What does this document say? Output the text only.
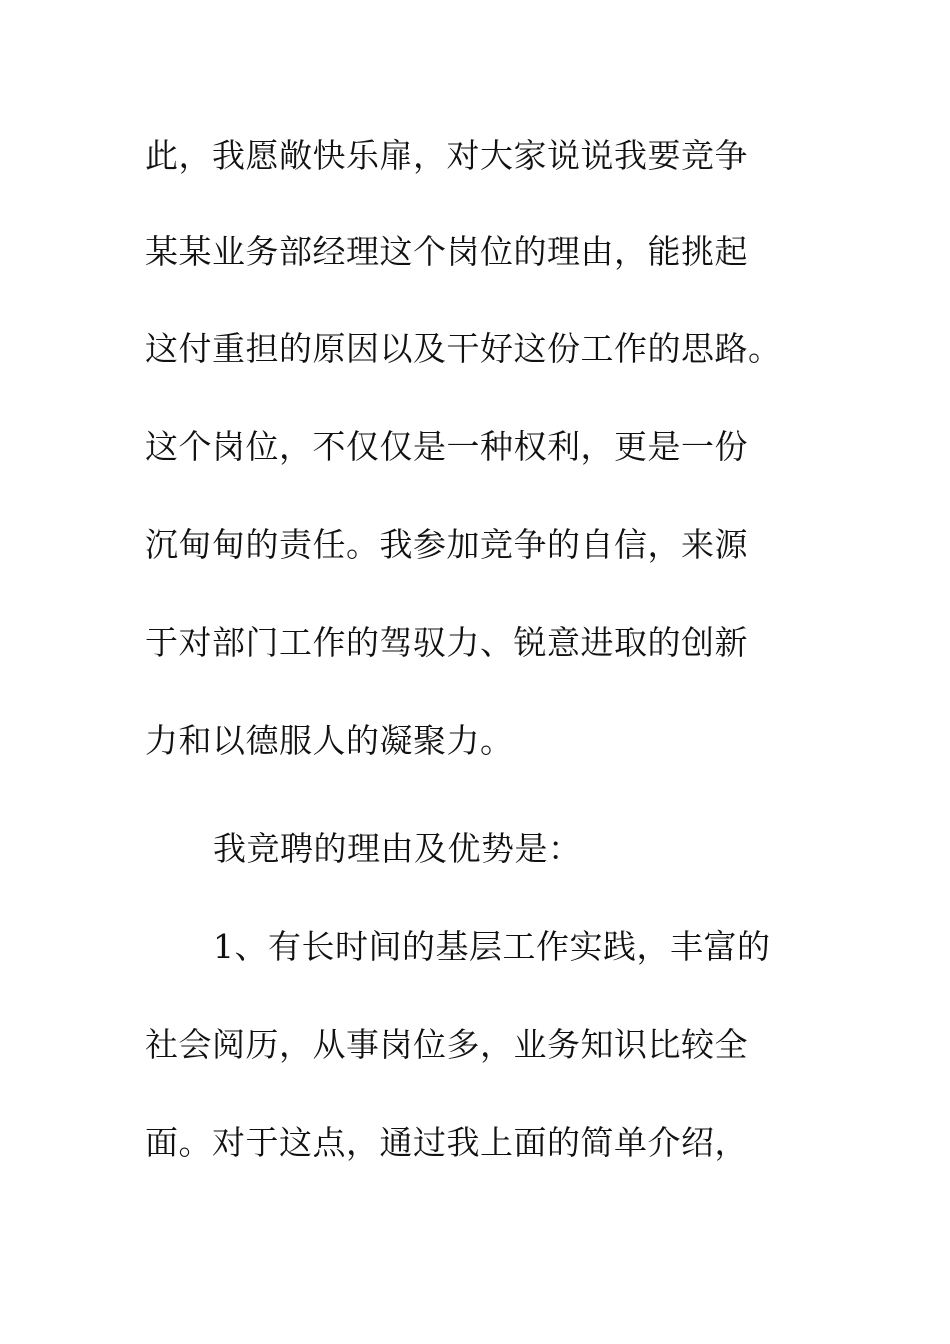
此，我愿敞快乐扉，对大家说说我要竞争
某某业务部经理这个岗位的理由，能挑起
这付重担的原因以及干好这份工作的思路。
这个岗位，不仅仅是一种权利，更是一份
沉甸甸的责任。我参加竞争的自信，来源
于对部门工作的驾驭力、锐意进取的创新
力和以德服人的凝聚力。
我竞聘的理由及优势是：
1、有长时间的基层工作实践，丰富的
社会阅历，从事岗位多，业务知识比较全
面。对于这点，通过我上面的简单介绍，
